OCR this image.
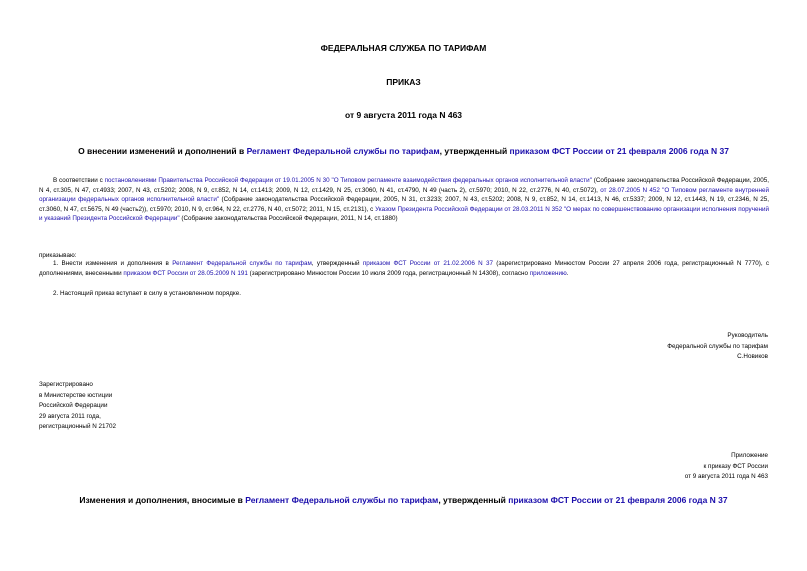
ФЕДЕРАЛЬНАЯ СЛУЖБА ПО ТАРИФАМ
ПРИКАЗ
от 9 августа 2011 года N 463
О внесении изменений и дополнений в Регламент Федеральной службы по тарифам, утвержденный приказом ФСТ России от 21 февраля 2006 года N 37
В соответствии с постановлениями Правительства Российской Федерации от 19.01.2005 N 30 "О Типовом регламенте взаимодействия федеральных органов исполнительной власти" (Собрание законодательства Российской Федерации, 2005, N 4, ст.305, N 47, ст.4933; 2007, N 43, ст.5202; 2008, N 9, ст.852, N 14, ст.1413; 2009, N 12, ст.1429, N 25, ст.3060, N 41, ст.4790, N 49 (часть 2), ст.5970; 2010, N 22, ст.2776, N 40, ст.5072), от 28.07.2005 N 452 "О Типовом регламенте внутренней организации федеральных органов исполнительной власти" (Собрание законодательства Российской Федерации, 2005, N 31, ст.3233; 2007, N 43, ст.5202; 2008, N 9, ст.852, N 14, ст.1413, N 46, ст.5337; 2009, N 12, ст.1443, N 19, ст.2346, N 25, ст.3060, N 47, ст.5675, N 49 (часть2)), ст.5970; 2010, N 9, ст.964, N 22, ст.2776, N 40, ст.5072; 2011, N 15, ст.2131), с Указом Президента Российской Федерации от 28.03.2011 N 352 "О мерах по совершенствованию организации исполнения поручений и указаний Президента Российской Федерации" (Собрание законодательства Российской Федерации, 2011, N 14, ст.1880)
приказываю:
1. Внести изменения и дополнения в Регламент Федеральной службы по тарифам, утвержденный приказом ФСТ России от 21.02.2006 N 37 (зарегистрировано Минюстом России 27 апреля 2006 года, регистрационный N 7770), с дополнениями, внесенными приказом ФСТ России от 28.05.2009 N 191 (зарегистрировано Минюстом России 10 июля 2009 года, регистрационный N 14308), согласно приложению.
2. Настоящий приказ вступает в силу в установленном порядке.
Руководитель
Федеральной службы по тарифам
С.Новиков
Зарегистрировано
в Министерстве юстиции
Российской Федерации
29 августа 2011 года,
регистрационный N 21702
Приложение
к приказу ФСТ России
от 9 августа 2011 года N 463
Изменения и дополнения, вносимые в Регламент Федеральной службы по тарифам, утвержденный приказом ФСТ России от 21 февраля 2006 года N 37
